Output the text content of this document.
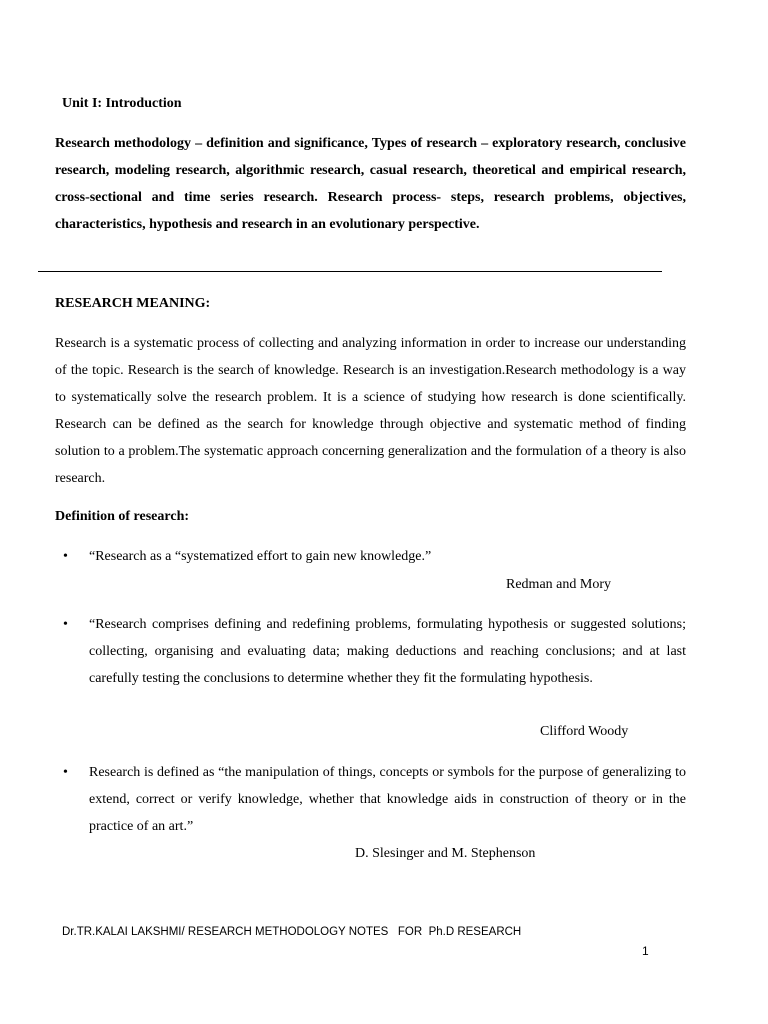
Unit I: Introduction
Research methodology – definition and significance, Types of research – exploratory research, conclusive research, modeling research, algorithmic research, casual research, theoretical and empirical research, cross-sectional and time series research. Research process- steps, research problems, objectives, characteristics, hypothesis and research in an evolutionary perspective.
RESEARCH MEANING:
Research is a systematic process of collecting and analyzing information in order to increase our understanding of the topic. Research is the search of knowledge. Research is an investigation.Research methodology is a way to systematically solve the research problem. It is a science of studying how research is done scientifically. Research can be defined as the search for knowledge through objective and systematic method of finding solution to a problem.The systematic approach concerning generalization and the formulation of a theory is also research.
Definition of research:
• “Research as a “systematized effort to gain new knowledge.”
Redman and Mory
• “Research comprises defining and redefining problems, formulating hypothesis or suggested solutions; collecting, organising and evaluating data; making deductions and reaching conclusions; and at last carefully testing the conclusions to determine whether they fit the formulating hypothesis.
Clifford Woody
• Research is defined as “the manipulation of things, concepts or symbols for the purpose of generalizing to extend, correct or verify knowledge, whether that knowledge aids in construction of theory or in the practice of an art.”
D. Slesinger and M. Stephenson
Dr.TR.KALAI LAKSHMI/ RESEARCH METHODOLOGY NOTES   FOR  Ph.D RESEARCH
1
